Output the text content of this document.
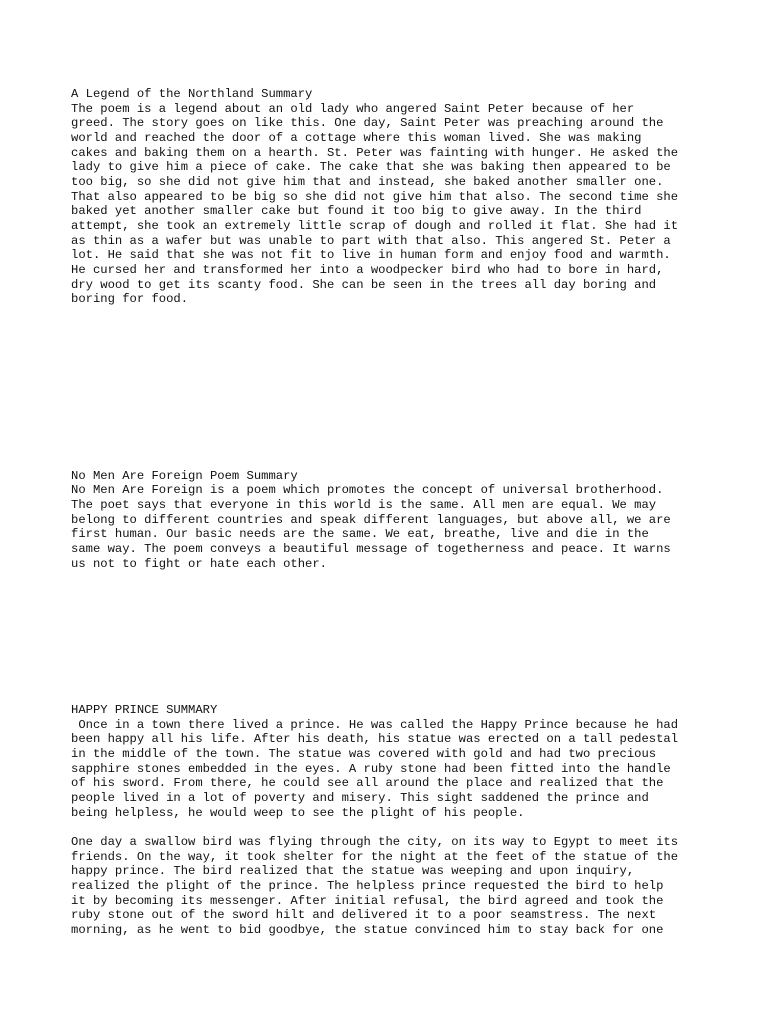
A Legend of the Northland Summary

The poem is a legend about an old lady who angered Saint Peter because of her

greed. The story goes on like this. One day, Saint Peter was preaching around the

world and reached the door of a cottage where this woman lived. She was making

cakes and baking them on a hearth. St. Peter was fainting with hunger. He asked the

lady to give him a piece of cake. The cake that she was baking then appeared to be

too big, so she did not give him that and instead, she baked another smaller one.

That also appeared to be big so she did not give him that also. The second time she

baked yet another smaller cake but found it too big to give away. In the third

attempt, she took an extremely little scrap of dough and rolled it flat. She had it

as thin as a wafer but was unable to part with that also. This angered St. Peter a

lot. He said that she was not fit to live in human form and enjoy food and warmth.

He cursed her and transformed her into a woodpecker bird who had to bore in hard,

dry wood to get its scanty food. She can be seen in the trees all day boring and

boring for food.

No Men Are Foreign Poem Summary

No Men Are Foreign is a poem which promotes the concept of universal brotherhood.

The poet says that everyone in this world is the same. All men are equal. We may

belong to different countries and speak different languages, but above all, we are

first human. Our basic needs are the same. We eat, breathe, live and die in the

same way. The poem conveys a beautiful message of togetherness and peace. It warns

us not to fight or hate each other.

HAPPY PRINCE SUMMARY

Once in a town there lived a prince. He was called the Happy Prince because he had

been happy all his life. After his death, his statue was erected on a tall pedestal

in the middle of the town. The statue was covered with gold and had two precious

sapphire stones embedded in the eyes. A ruby stone had been fitted into the handle

of his sword. From there, he could see all around the place and realized that the

people lived in a lot of poverty and misery. This sight saddened the prince and

being helpless, he would weep to see the plight of his people.

One day a swallow bird was flying through the city, on its way to Egypt to meet its

friends. On the way, it took shelter for the night at the feet of the statue of the

happy prince. The bird realized that the statue was weeping and upon inquiry,

realized the plight of the prince. The helpless prince requested the bird to help

it by becoming its messenger. After initial refusal, the bird agreed and took the

ruby stone out of the sword hilt and delivered it to a poor seamstress. The next

morning, as he went to bid goodbye, the statue convinced him to stay back for one
